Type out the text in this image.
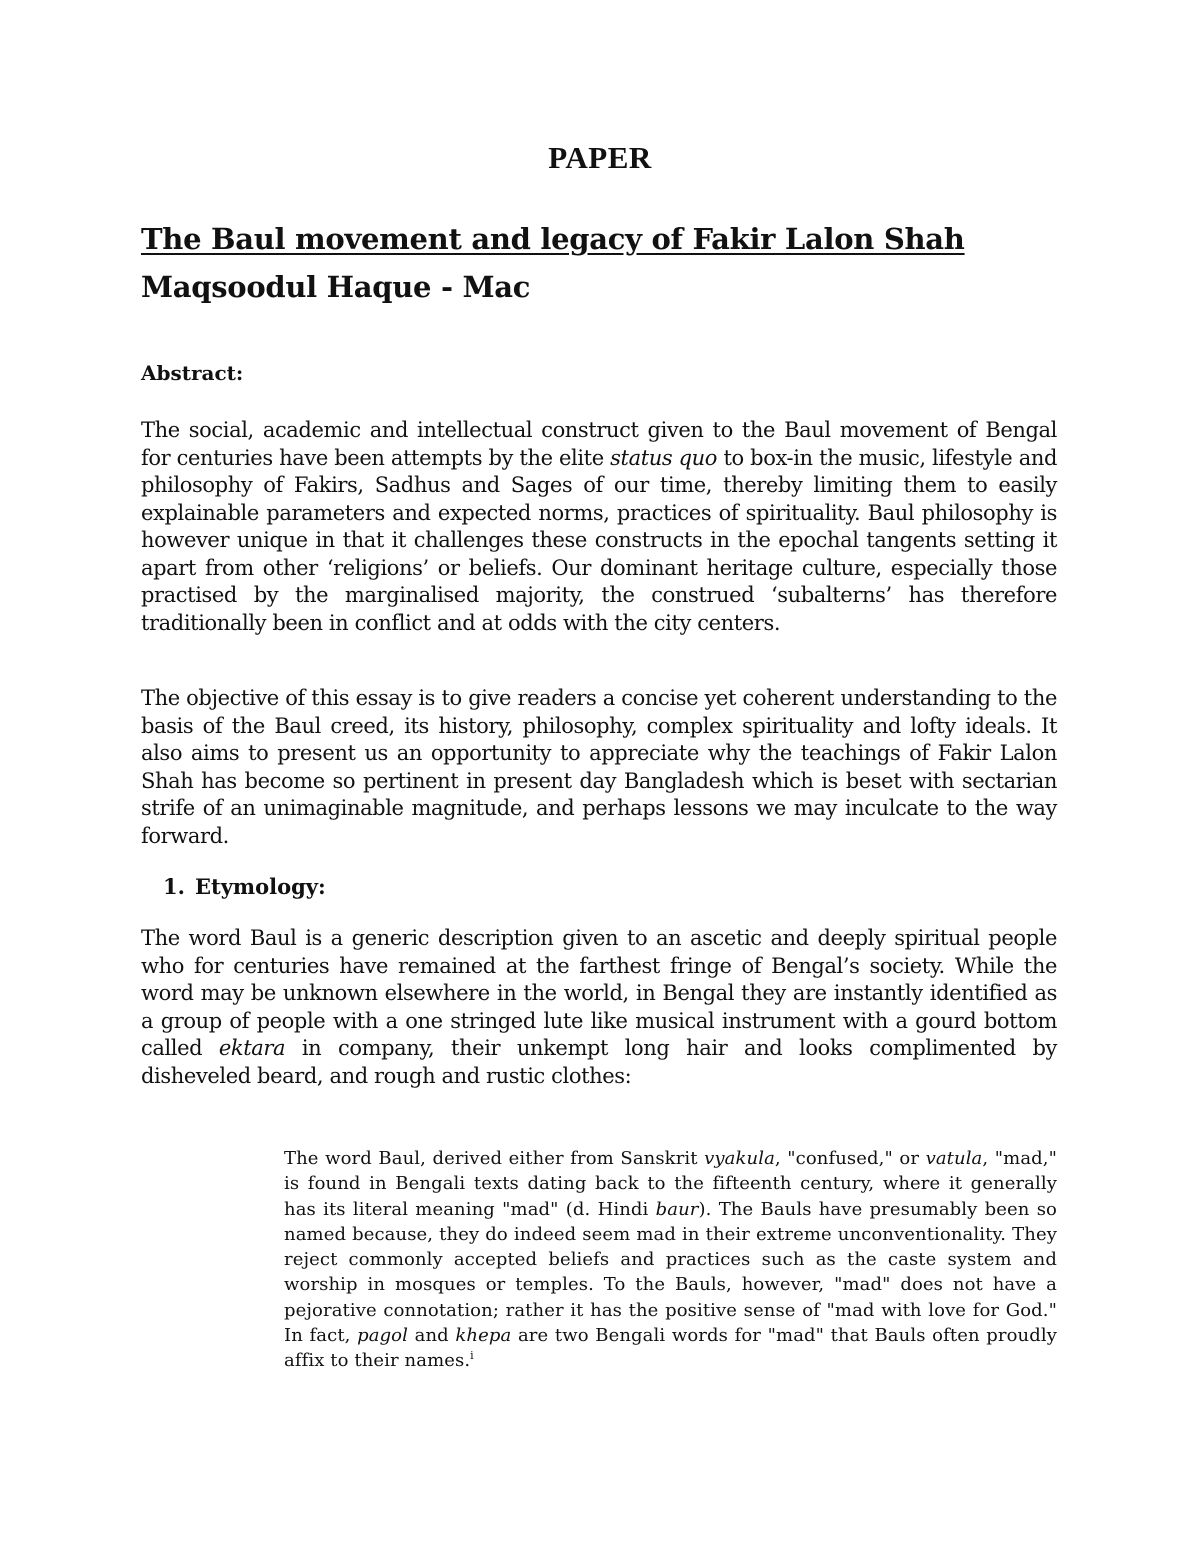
PAPER
The Baul movement and legacy of Fakir Lalon Shah
Maqsoodul Haque - Mac
Abstract:

The social, academic and intellectual construct given to the Baul movement of Bengal for centuries have been attempts by the elite status quo to box-in the music, lifestyle and philosophy of Fakirs, Sadhus and Sages of our time, thereby limiting them to easily explainable parameters and expected norms, practices of spirituality. Baul philosophy is however unique in that it challenges these constructs in the epochal tangents setting it apart from other ‘religions’ or beliefs. Our dominant heritage culture, especially those practised by the marginalised majority, the construed ‘subalterns’ has therefore traditionally been in conflict and at odds with the city centers.

The objective of this essay is to give readers a concise yet coherent understanding to the basis of the Baul creed, its history, philosophy, complex spirituality and lofty ideals. It also aims to present us an opportunity to appreciate why the teachings of Fakir Lalon Shah has become so pertinent in present day Bangladesh which is beset with sectarian strife of an unimaginable magnitude, and perhaps lessons we may inculcate to the way forward.

1. Etymology:

The word Baul is a generic description given to an ascetic and deeply spiritual people who for centuries have remained at the farthest fringe of Bengal’s society. While the word may be unknown elsewhere in the world, in Bengal they are instantly identified as a group of people with a one stringed lute like musical instrument with a gourd bottom called ektara in company, their unkempt long hair and looks complimented by disheveled beard, and rough and rustic clothes:

The word Baul, derived either from Sanskrit vyakula, "confused," or vatula, "mad," is found in Bengali texts dating back to the fifteenth century, where it generally has its literal meaning "mad" (d. Hindi baur). The Bauls have presumably been so named because, they do indeed seem mad in their extreme unconventionality. They reject commonly accepted beliefs and practices such as the caste system and worship in mosques or temples. To the Bauls, however, "mad" does not have a pejorative connotation; rather it has the positive sense of "mad with love for God." In fact, pagol and khepa are two Bengali words for "mad" that Bauls often proudly affix to their names.$^i$
